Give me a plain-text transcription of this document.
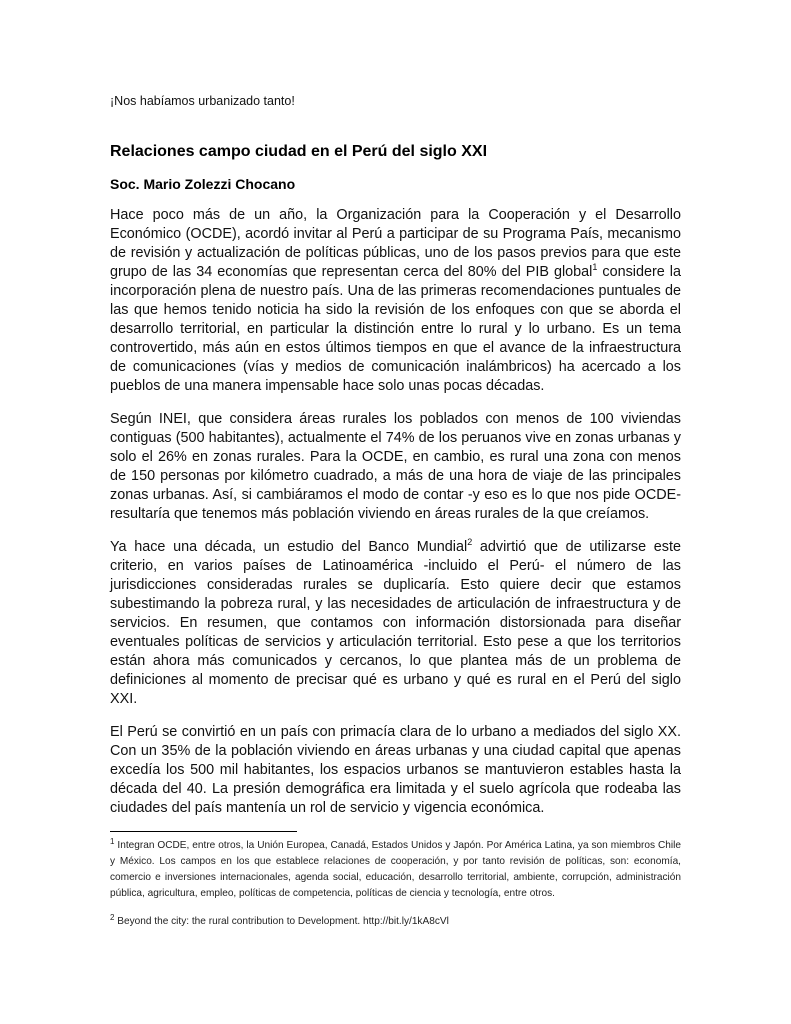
¡Nos habíamos urbanizado tanto!
Relaciones campo ciudad en el Perú del siglo XXI
Soc. Mario Zolezzi Chocano

Hace poco más de un año, la Organización para la Cooperación y el Desarrollo Económico (OCDE), acordó invitar al Perú a participar de su Programa País, mecanismo de revisión y actualización de políticas públicas, uno de los pasos previos para que este grupo de las 34 economías que representan cerca del 80% del PIB global$^1$ considere la incorporación plena de nuestro país. Una de las primeras recomendaciones puntuales de las que hemos tenido noticia ha sido la revisión de los enfoques con que se aborda el desarrollo territorial, en particular la distinción entre lo rural y lo urbano. Es un tema controvertido, más aún en estos últimos tiempos en que el avance de la infraestructura de comunicaciones (vías y medios de comunicación inalámbricos) ha acercado a los pueblos de una manera impensable hace solo unas pocas décadas.

Según INEI, que considera áreas rurales los poblados con menos de 100 viviendas contiguas (500 habitantes), actualmente el 74% de los peruanos vive en zonas urbanas y solo el 26% en zonas rurales. Para la OCDE, en cambio, es rural una zona con menos de 150 personas por kilómetro cuadrado, a más de una hora de viaje de las principales zonas urbanas. Así, si cambiáramos el modo de contar -y eso es lo que nos pide OCDE- resultaría que tenemos más población viviendo en áreas rurales de la que creíamos.

Ya hace una década, un estudio del Banco Mundial$^2$ advirtió que de utilizarse este criterio, en varios países de Latinoamérica -incluido el Perú- el número de las jurisdicciones consideradas rurales se duplicaría. Esto quiere decir que estamos subestimando la pobreza rural, y las necesidades de articulación de infraestructura y de servicios. En resumen, que contamos con información distorsionada para diseñar eventuales políticas de servicios y articulación territorial. Esto pese a que los territorios están ahora más comunicados y cercanos, lo que plantea más de un problema de definiciones al momento de precisar qué es urbano y qué es rural en el Perú del siglo XXI.

El Perú se convirtió en un país con primacía clara de lo urbano a mediados del siglo XX. Con un 35% de la población viviendo en áreas urbanas y una ciudad capital que apenas excedía los 500 mil habitantes, los espacios urbanos se mantuvieron estables hasta la década del 40. La presión demográfica era limitada y el suelo agrícola que rodeaba las ciudades del país mantenía un rol de servicio y vigencia económica.

$^1$ Integran OCDE, entre otros, la Unión Europea, Canadá, Estados Unidos y Japón. Por América Latina, ya son miembros Chile y México. Los campos en los que establece relaciones de cooperación, y por tanto revisión de políticas, son: economía, comercio e inversiones internacionales, agenda social, educación, desarrollo territorial, ambiente, corrupción, administración pública, agricultura, empleo, políticas de competencia, políticas de ciencia y tecnología, entre otros.

$^2$ Beyond the city: the rural contribution to Development. http://bit.ly/1kA8cVl
